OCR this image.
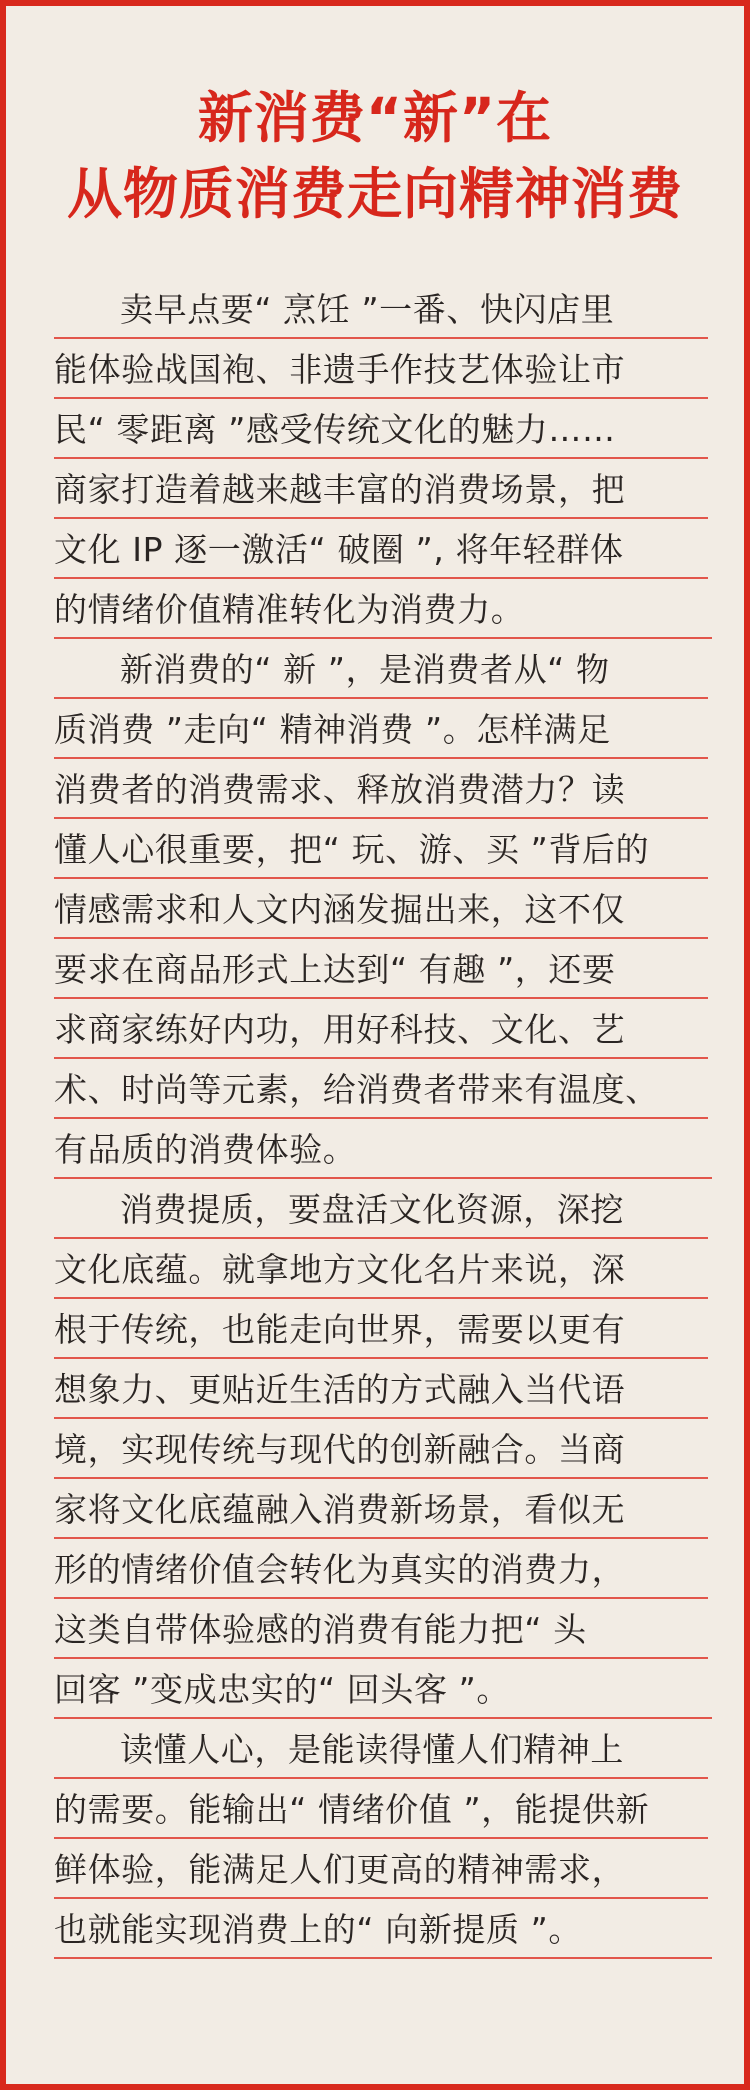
新消费“新”在
从物质消费走向精神消费
卖早点要“ 烹饪 ”一番、快闪店里
能体验战国袍、非遗手作技艺体验让市
民“ 零距离 ”感受传统文化的魅力……
商家打造着越来越丰富的消费场景，把
文化 IP 逐一激活“ 破圈 ”, 将年轻群体
的情绪价值精准转化为消费力。
新消费的“ 新 ”，是消费者从“ 物
质消费 ”走向“ 精神消费 ”。怎样满足
消费者的消费需求、释放消费潜力？读
懂人心很重要，把“ 玩、游、买 ”背后的
情感需求和人文内涵发掘出来，这不仅
要求在商品形式上达到“ 有趣 ”，还要
求商家练好内功，用好科技、文化、艺
术、时尚等元素，给消费者带来有温度、
有品质的消费体验。
消费提质，要盘活文化资源，深挖
文化底蕴。就拿地方文化名片来说，深
根于传统，也能走向世界，需要以更有
想象力、更贴近生活的方式融入当代语
境，实现传统与现代的创新融合。当商
家将文化底蕴融入消费新场景，看似无
形的情绪价值会转化为真实的消费力，
这类自带体验感的消费有能力把“ 头
回客 ”变成忠实的“ 回头客 ”。
读懂人心，是能读得懂人们精神上
的需要。能输出“ 情绪价值 ”，能提供新
鲜体验，能满足人们更高的精神需求，
也就能实现消费上的“ 向新提质 ”。
